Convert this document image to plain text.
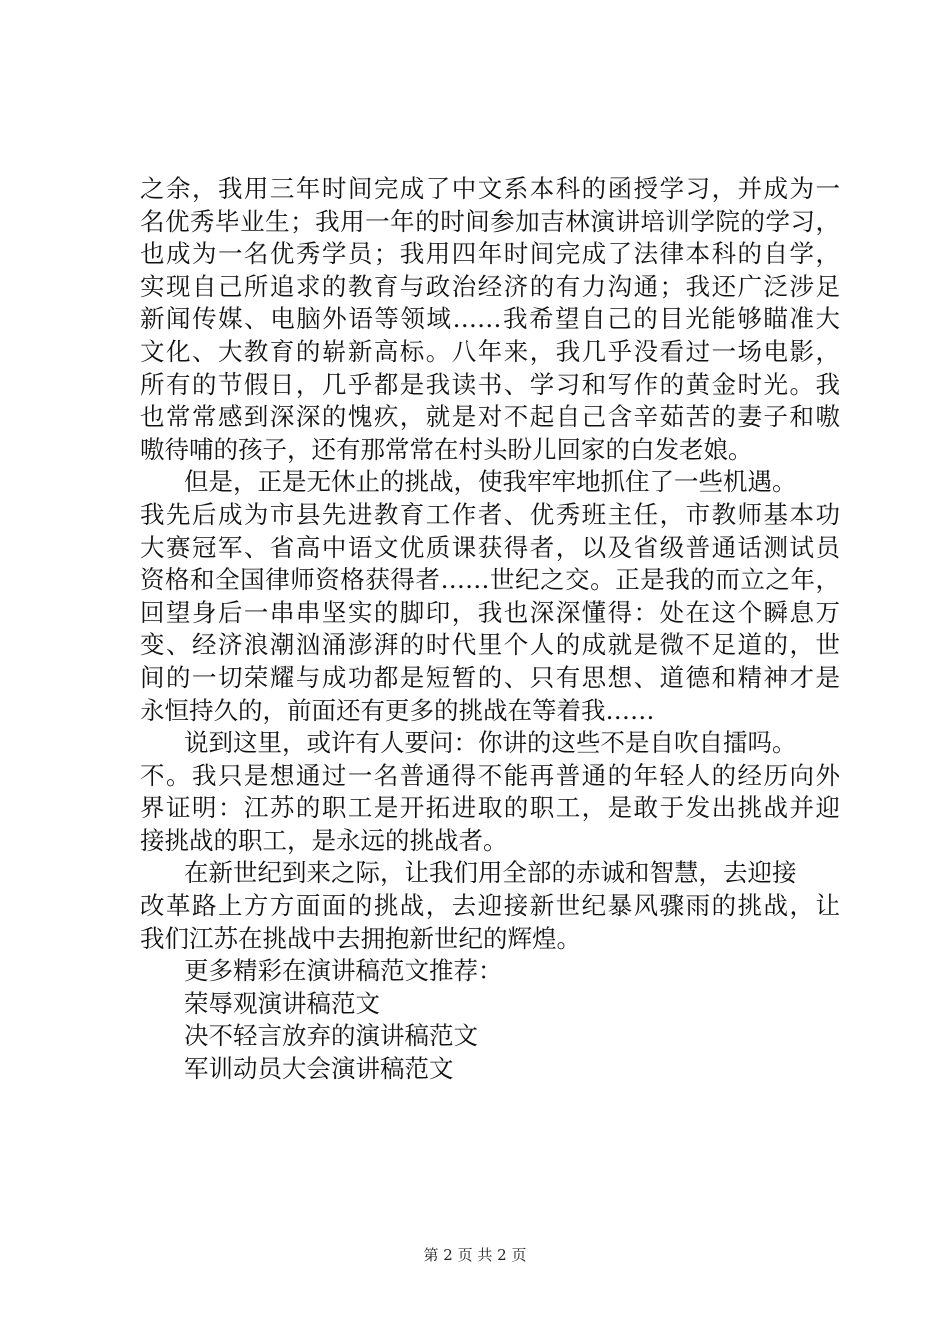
之余，我用三年时间完成了中文系本科的函授学习，并成为一
名优秀毕业生；我用一年的时间参加吉林演讲培训学院的学习，
也成为一名优秀学员；我用四年时间完成了法律本科的自学，
实现自己所追求的教育与政治经济的有力沟通；我还广泛涉足
新闻传媒、电脑外语等领域……我希望自己的目光能够瞄准大
文化、大教育的崭新高标。八年来，我几乎没看过一场电影，
所有的节假日，几乎都是我读书、学习和写作的黄金时光。我
也常常感到深深的愧疚，就是对不起自己含辛茹苦的妻子和嗷
嗷待哺的孩子，还有那常常在村头盼儿回家的白发老娘。
但是，正是无休止的挑战，使我牢牢地抓住了一些机遇。
我先后成为市县先进教育工作者、优秀班主任，市教师基本功
大赛冠军、省高中语文优质课获得者，以及省级普通话测试员
资格和全国律师资格获得者……世纪之交。正是我的而立之年，
回望身后一串串坚实的脚印，我也深深懂得：处在这个瞬息万
变、经济浪潮汹涌澎湃的时代里个人的成就是微不足道的，世
间的一切荣耀与成功都是短暂的、只有思想、道德和精神才是
永恒持久的，前面还有更多的挑战在等着我……
说到这里，或许有人要问：你讲的这些不是自吹自擂吗。
不。我只是想通过一名普通得不能再普通的年轻人的经历向外
界证明：江苏的职工是开拓进取的职工，是敢于发出挑战并迎
接挑战的职工，是永远的挑战者。
在新世纪到来之际，让我们用全部的赤诚和智慧，去迎接
改革路上方方面面的挑战，去迎接新世纪暴风骤雨的挑战，让
我们江苏在挑战中去拥抱新世纪的辉煌。
更多精彩在演讲稿范文推荐：
荣辱观演讲稿范文
决不轻言放弃的演讲稿范文
军训动员大会演讲稿范文
第 2 页 共 2 页
